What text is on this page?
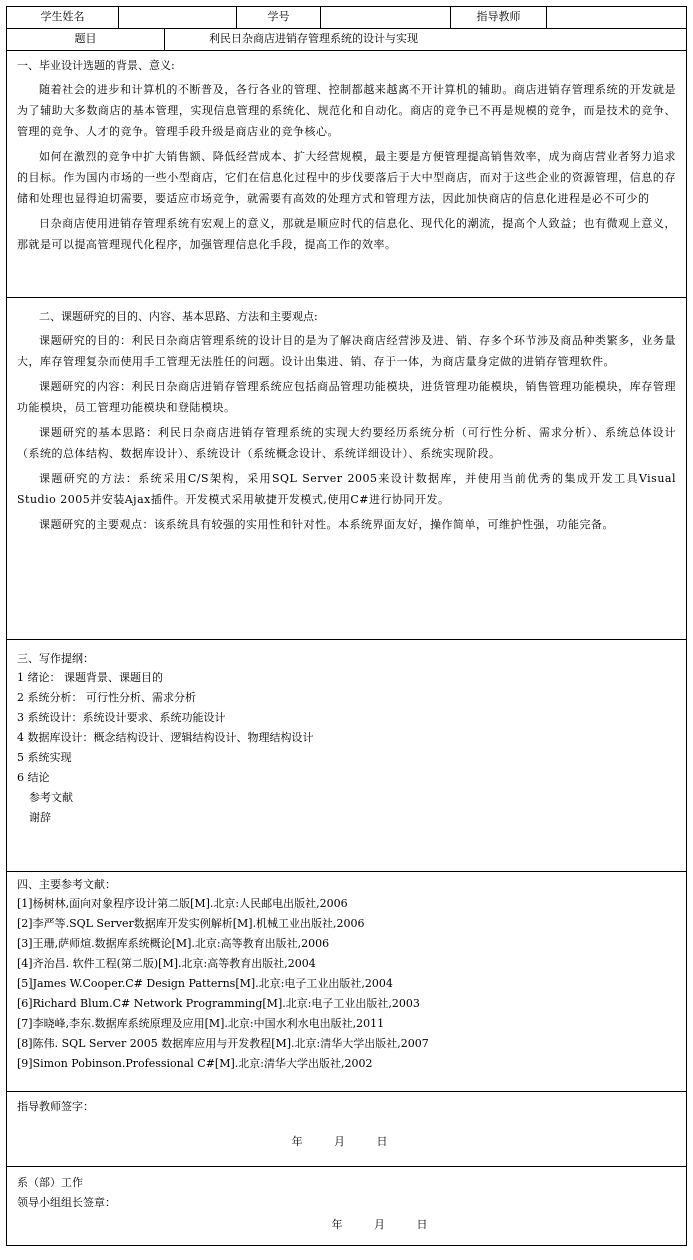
学生姓名	学号	指导教师
题目	利民日杂商店进销存管理系统的设计与实现
一、毕业设计选题的背景、意义:

随着社会的进步和计算机的不断普及，各行各业的管理、控制都越来越离不开计算机的辅助。商店进销存管理系统的开发就是为了辅助大多数商店的基本管理，实现信息管理的系统化、规范化和自动化。商店的竞争已不再是规模的竞争，而是技术的竞争、管理的竞争、人才的竞争。管理手段升级是商店业的竞争核心。

如何在激烈的竞争中扩大销售额、降低经营成本、扩大经营规模，最主要是方便管理提高销售效率，成为商店营业者努力追求的目标。作为国内市场的一些小型商店，它们在信息化过程中的步伐要落后于大中型商店，而对于这些企业的资源管理，信息的存储和处理也显得迫切需要，要适应市场竞争，就需要有高效的处理方式和管理方法，因此加快商店的信息化进程是必不可少的

日杂商店使用进销存管理系统有宏观上的意义，那就是顺应时代的信息化、现代化的潮流，提高个人致益；也有微观上意义，那就是可以提高管理现代化程序，加强管理信息化手段，提高工作的效率。

二、课题研究的目的、内容、基本思路、方法和主要观点:

课题研究的目的：利民日杂商店管理系统的设计目的是为了解决商店经营涉及进、销、存多个环节涉及商品种类繁多，业务量大，库存管理复杂而使用手工管理无法胜任的问题。设计出集进、销、存于一体，为商店量身定做的进销存管理软件。

课题研究的内容：利民日杂商店进销存管理系统应包括商品管理功能模块，进货管理功能模块，销售管理功能模块，库存管理功能模块，员工管理功能模块和登陆模块。

课题研究的基本思路：利民日杂商店进销存管理系统的实现大约要经历系统分析（可行性分析、需求分析）、系统总体设计（系统的总体结构、数据库设计）、系统设计（系统概念设计、系统详细设计）、系统实现阶段。

课题研究的方法：系统采用C/S架构，采用SQL Server 2005来设计数据库，并使用当前优秀的集成开发工具Visual Studio 2005并安装Ajax插件。开发模式采用敏捷开发模式,使用C#进行协同开发。

课题研究的主要观点：该系统具有较强的实用性和针对性。本系统界面友好，操作简单，可维护性强，功能完备。

三、写作提纲：
1 绪论： 课题背景、课题目的
2 系统分析： 可行性分析、需求分析
3 系统设计：系统设计要求、系统功能设计
4 数据库设计：概念结构设计、逻辑结构设计、物理结构设计
5 系统实现
6 结论
参考文献
谢辞
四、主要参考文献：
[1]杨树林,面向对象程序设计第二版[M].北京:人民邮电出版社,2006
[2]李严等.SQL Server数据库开发实例解析[M].机械工业出版社,2006
[3]王珊,萨师煊.数据库系统概论[M].北京:高等教育出版社,2006
[4]齐治昌. 软件工程(第二版)[M].北京:高等教育出版社,2004
[5]James W.Cooper.C# Design Patterns[M].北京:电子工业出版社,2004
[6]Richard Blum.C# Network Programming[M].北京:电子工业出版社,2003
[7]李晓峰,李东.数据库系统原理及应用[M].北京:中国水利水电出版社,2011
[8]陈伟. SQL Server 2005 数据库应用与开发教程[M].北京:清华大学出版社,2007
[9]Simon Pobinson.Professional C#[M].北京:清华大学出版社,2002
指导教师签字：
年 月 日
系（部）工作
领导小组组长签章：
年 月 日
